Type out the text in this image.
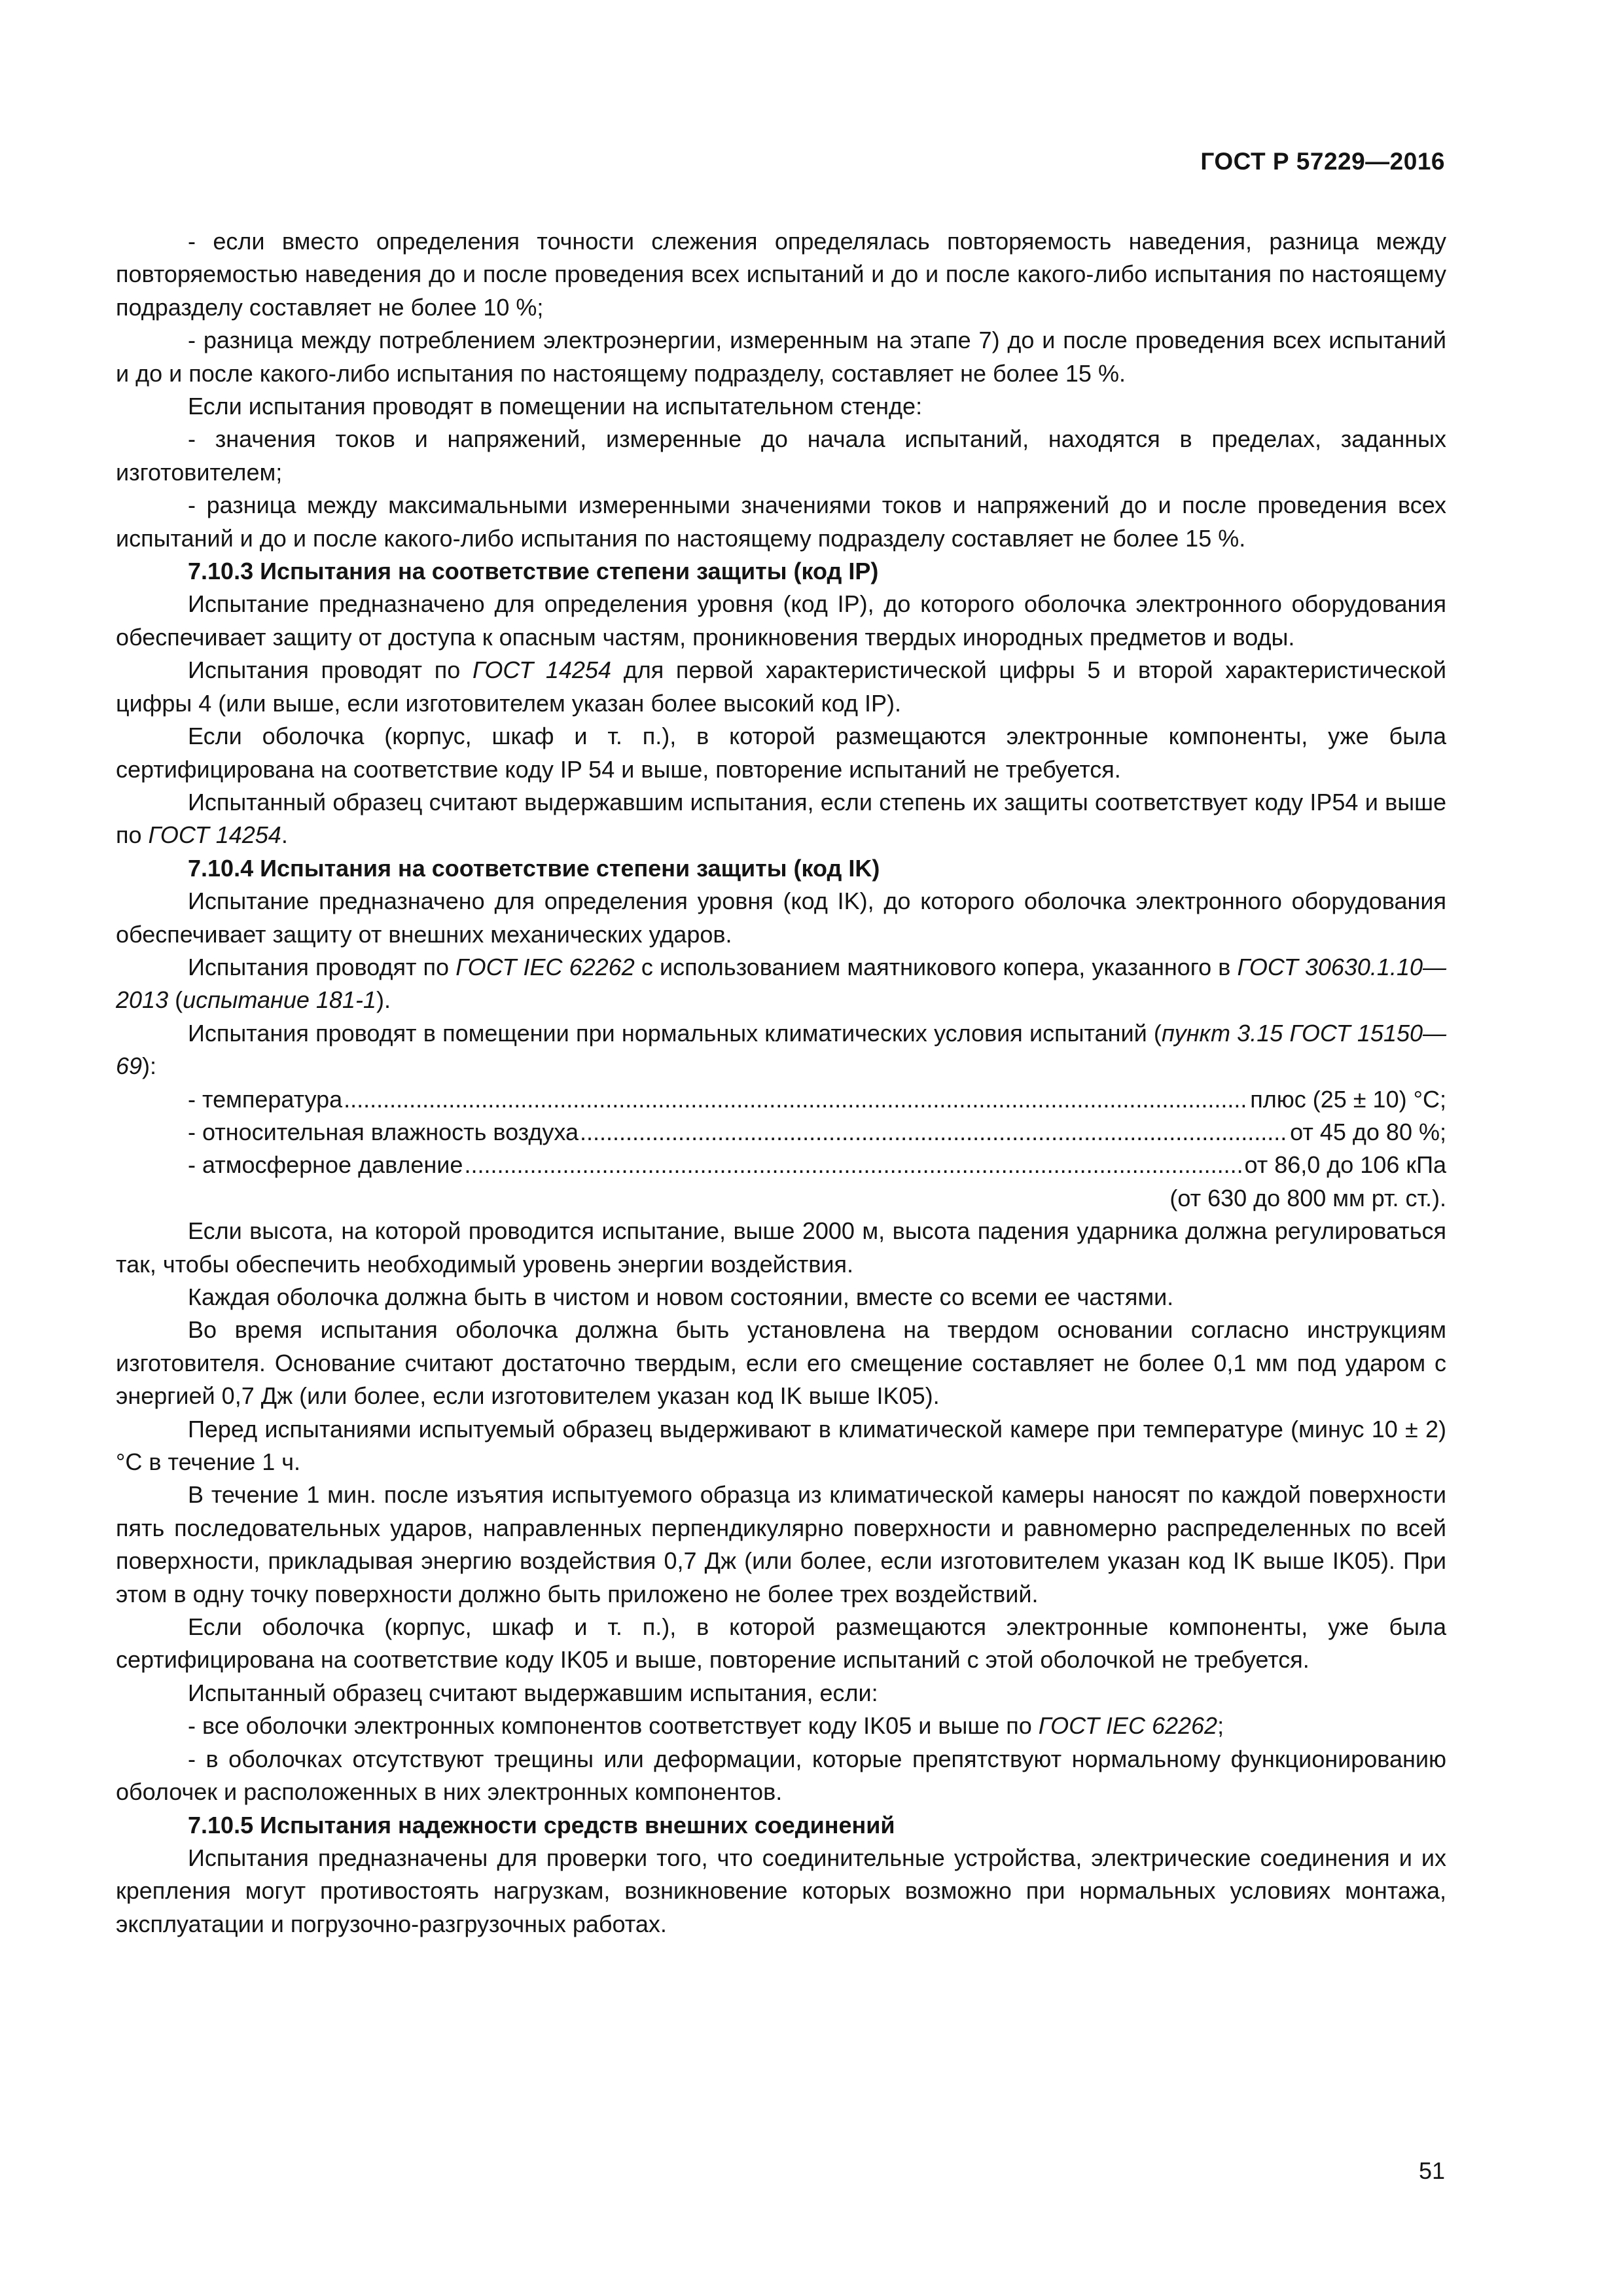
ГОСТ Р 57229—2016

- если вместо определения точности слежения определялась повторяемость наведения, разница между повторяемостью наведения до и после проведения всех испытаний и до и после какого-либо испытания по настоящему подразделу составляет не более 10 %;

- разница между потреблением электроэнергии, измеренным на этапе 7) до и после проведения всех испытаний и до и после какого-либо испытания по настоящему подразделу, составляет не более 15 %.

Если испытания проводят в помещении на испытательном стенде:

- значения токов и напряжений, измеренные до начала испытаний, находятся в пределах, заданных изготовителем;

- разница между максимальными измеренными значениями токов и напряжений до и после проведения всех испытаний и до и после какого-либо испытания по настоящему подразделу составляет не более 15 %.

7.10.3 Испытания на соответствие степени защиты (код IP)

Испытание предназначено для определения уровня (код IP), до которого оболочка электронного оборудования обеспечивает защиту от доступа к опасным частям, проникновения твердых инородных предметов и воды.

Испытания проводят по ГОСТ 14254 для первой характеристической цифры 5 и второй характеристической цифры 4 (или выше, если изготовителем указан более высокий код IP).

Если оболочка (корпус, шкаф и т. п.), в которой размещаются электронные компоненты, уже была сертифицирована на соответствие коду IP 54 и выше, повторение испытаний не требуется.

Испытанный образец считают выдержавшим испытания, если степень их защиты соответствует коду IP54 и выше по ГОСТ 14254.

7.10.4 Испытания на соответствие степени защиты (код IK)

Испытание предназначено для определения уровня (код IK), до которого оболочка электронного оборудования обеспечивает защиту от внешних механических ударов.

Испытания проводят по ГОСТ IEC 62262 с использованием маятникового копера, указанного в ГОСТ 30630.1.10—2013 (испытание 181-1).

Испытания проводят в помещении при нормальных климатических условия испытаний (пункт 3.15 ГОСТ 15150—69):

- температура .....	плюс (25 ± 10) °С;
- относительная влажность воздуха .....	от 45 до 80 %;
- атмосферное давление .....	от 86,0 до 106 кПа
(от 630 до 800 мм рт. ст.).

Если высота, на которой проводится испытание, выше 2000 м, высота падения ударника должна регулироваться так, чтобы обеспечить необходимый уровень энергии воздействия.

Каждая оболочка должна быть в чистом и новом состоянии, вместе со всеми ее частями.

Во время испытания оболочка должна быть установлена на твердом основании согласно инструкциям изготовителя. Основание считают достаточно твердым, если его смещение составляет не более 0,1 мм под ударом с энергией 0,7 Дж (или более, если изготовителем указан код IK выше IK05).

Перед испытаниями испытуемый образец выдерживают в климатической камере при температуре (минус 10 ± 2) °С в течение 1 ч.

В течение 1 мин. после изъятия испытуемого образца из климатической камеры наносят по каждой поверхности пять последовательных ударов, направленных перпендикулярно поверхности и равномерно распределенных по всей поверхности, прикладывая энергию воздействия 0,7 Дж (или более, если изготовителем указан код IK выше IK05). При этом в одну точку поверхности должно быть приложено не более трех воздействий.

Если оболочка (корпус, шкаф и т. п.), в которой размещаются электронные компоненты, уже была сертифицирована на соответствие коду IK05 и выше, повторение испытаний с этой оболочкой не требуется.

Испытанный образец считают выдержавшим испытания, если:

- все оболочки электронных компонентов соответствует коду IK05 и выше по ГОСТ IEC 62262;

- в оболочках отсутствуют трещины или деформации, которые препятствуют нормальному функционированию оболочек и расположенных в них электронных компонентов.

7.10.5 Испытания надежности средств внешних соединений

Испытания предназначены для проверки того, что соединительные устройства, электрические соединения и их крепления могут противостоять нагрузкам, возникновение которых возможно при нормальных условиях монтажа, эксплуатации и погрузочно-разгрузочных работах.

51
